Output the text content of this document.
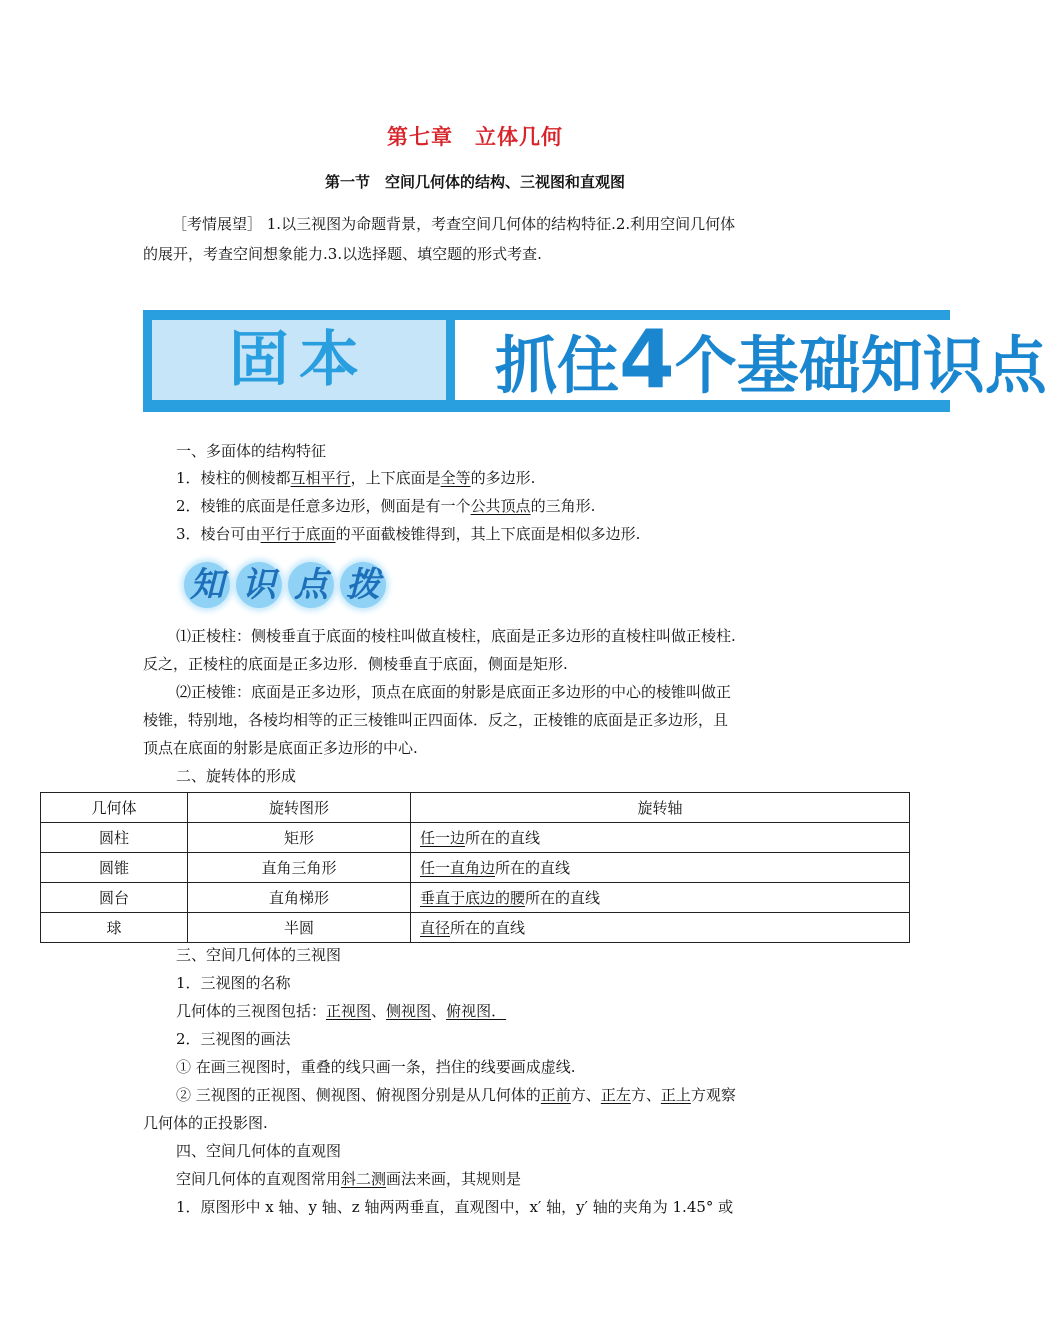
第七章　立体几何
第一节　空间几何体的结构、三视图和直观图
［考情展望］ 1.以三视图为命题背景，考查空间几何体的结构特征.2.利用空间几何体
的展开，考查空间想象能力.3.以选择题、填空题的形式考查.
固本	抓住4个基础知识点
一、多面体的结构特征
1．棱柱的侧棱都互相平行，上下底面是全等的多边形.
2．棱锥的底面是任意多边形，侧面是有一个公共顶点的三角形.
3．棱台可由平行于底面的平面截棱锥得到，其上下底面是相似多边形.
知 识 点 拨
⑴正棱柱：侧棱垂直于底面的棱柱叫做直棱柱，底面是正多边形的直棱柱叫做正棱柱.
反之，正棱柱的底面是正多边形．侧棱垂直于底面，侧面是矩形.
⑵正棱锥：底面是正多边形，顶点在底面的射影是底面正多边形的中心的棱锥叫做正
棱锥，特别地，各棱均相等的正三棱锥叫正四面体．反之，正棱锥的底面是正多边形，且
顶点在底面的射影是底面正多边形的中心.
二、旋转体的形成
几何体	旋转图形	旋转轴
圆柱	矩形	任一边所在的直线
圆锥	直角三角形	任一直角边所在的直线
圆台	直角梯形	垂直于底边的腰所在的直线
球	半圆	直径所在的直线
三、空间几何体的三视图
1．三视图的名称
几何体的三视图包括：正视图、侧视图、俯视图．
2．三视图的画法
① 在画三视图时，重叠的线只画一条，挡住的线要画成虚线.
② 三视图的正视图、侧视图、俯视图分别是从几何体的正前方、正左方、正上方观察
几何体的正投影图.
四、空间几何体的直观图
空间几何体的直观图常用斜二测画法来画，其规则是
1．原图形中 x 轴、y 轴、z 轴两两垂直，直观图中，x′ 轴，y′ 轴的夹角为 1.45° 或
